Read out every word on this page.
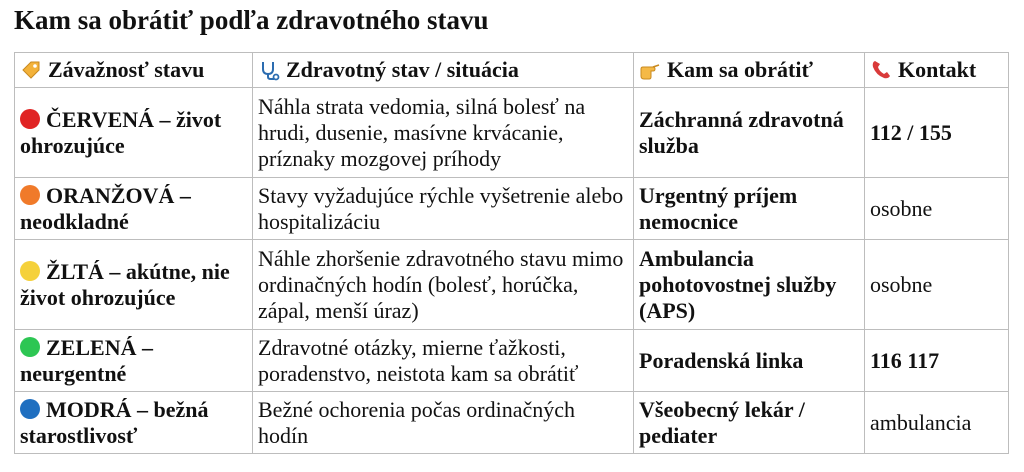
Kam sa obrátiť podľa zdravotného stavu
Závažnosť stavu	Zdravotný stav / situácia	Kam sa obrátiť	Kontakt
ČERVENÁ – život ohrozujúce	Náhla strata vedomia, silná bolesť na hrudi, dusenie, masívne krvácanie, príznaky mozgovej príhody	Záchranná zdravotná služba	112 / 155
ORANŽOVÁ – neodkladné	Stavy vyžadujúce rýchle vyšetrenie alebo hospitalizáciu	Urgentný príjem nemocnice	osobne
ŽLTÁ – akútne, nie život ohrozujúce	Náhle zhoršenie zdravotného stavu mimo ordinačných hodín (bolesť, horúčka, zápal, menší úraz)	Ambulancia pohotovostnej služby (APS)	osobne
ZELENÁ – neurgentné	Zdravotné otázky, mierne ťažkosti, poradenstvo, neistota kam sa obrátiť	Poradenská linka	116 117
MODRÁ – bežná starostlivosť	Bežné ochorenia počas ordinačných hodín	Všeobecný lekár / pediater	ambulancia
